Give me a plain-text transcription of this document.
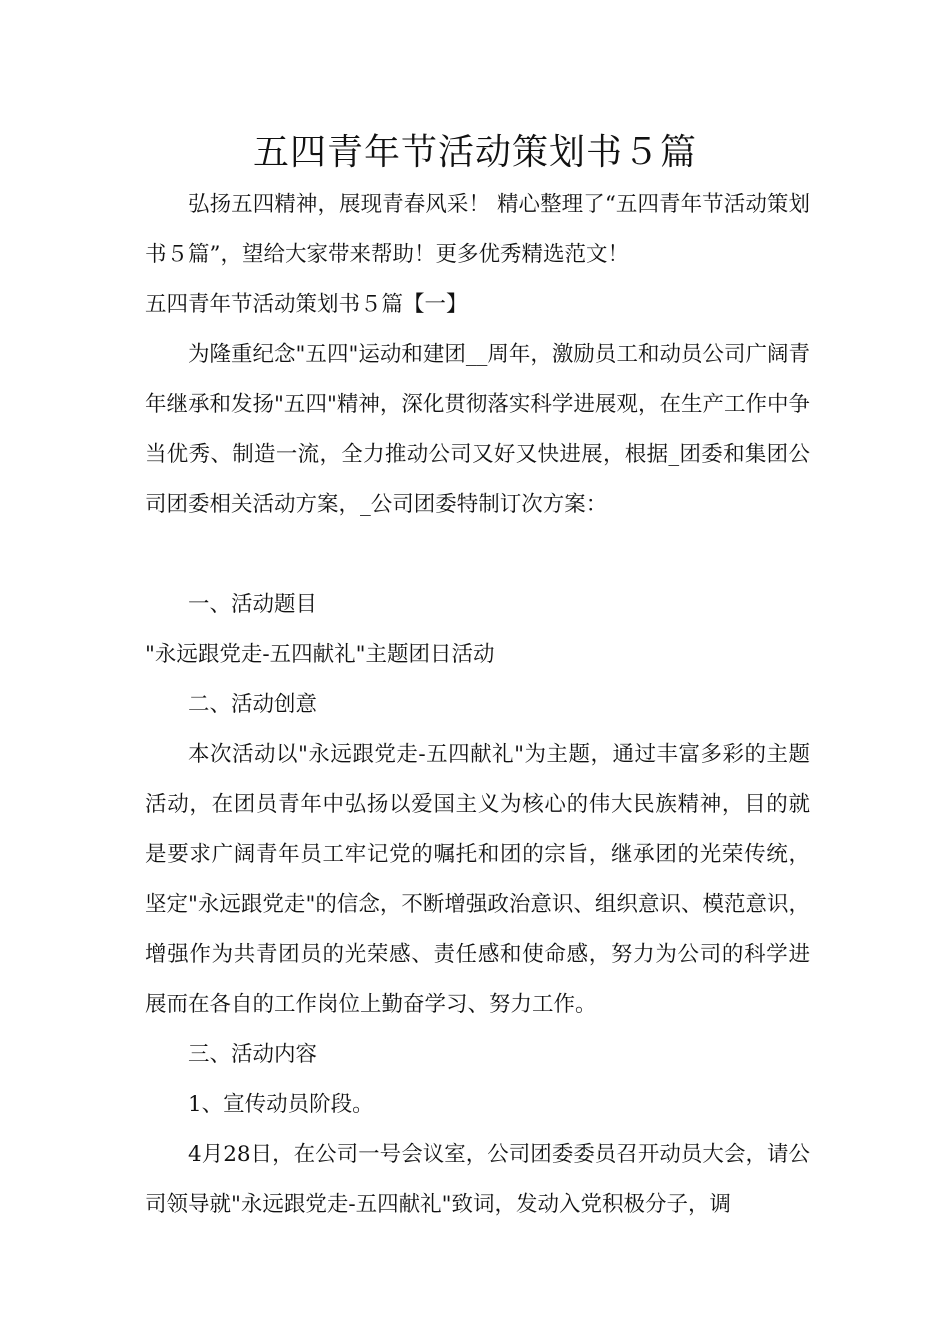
五四青年节活动策划书５篇

弘扬五四精神，展现青春风采！ 精心整理了“五四青年节活动策划书５篇”，望给大家带来帮助！更多优秀精选范文！

五四青年节活动策划书５篇【一】

为隆重纪念"五四"运动和建团__周年，激励员工和动员公司广阔青年继承和发扬"五四"精神，深化贯彻落实科学进展观，在生产工作中争当优秀、制造一流，全力推动公司又好又快进展，根据_团委和集团公司团委相关活动方案，_公司团委特制订次方案：

一、活动题目

"永远跟党走-五四献礼"主题团日活动

二、活动创意

本次活动以"永远跟党走-五四献礼"为主题，通过丰富多彩的主题活动，在团员青年中弘扬以爱国主义为核心的伟大民族精神，目的就是要求广阔青年员工牢记党的嘱托和团的宗旨，继承团的光荣传统，坚定"永远跟党走"的信念，不断增强政治意识、组织意识、模范意识，增强作为共青团员的光荣感、责任感和使命感，努力为公司的科学进展而在各自的工作岗位上勤奋学习、努力工作。

三、活动内容

1、宣传动员阶段。

4月28日，在公司一号会议室，公司团委委员召开动员大会，请公司领导就"永远跟党走-五四献礼"致词，发动入党积极分子，调
